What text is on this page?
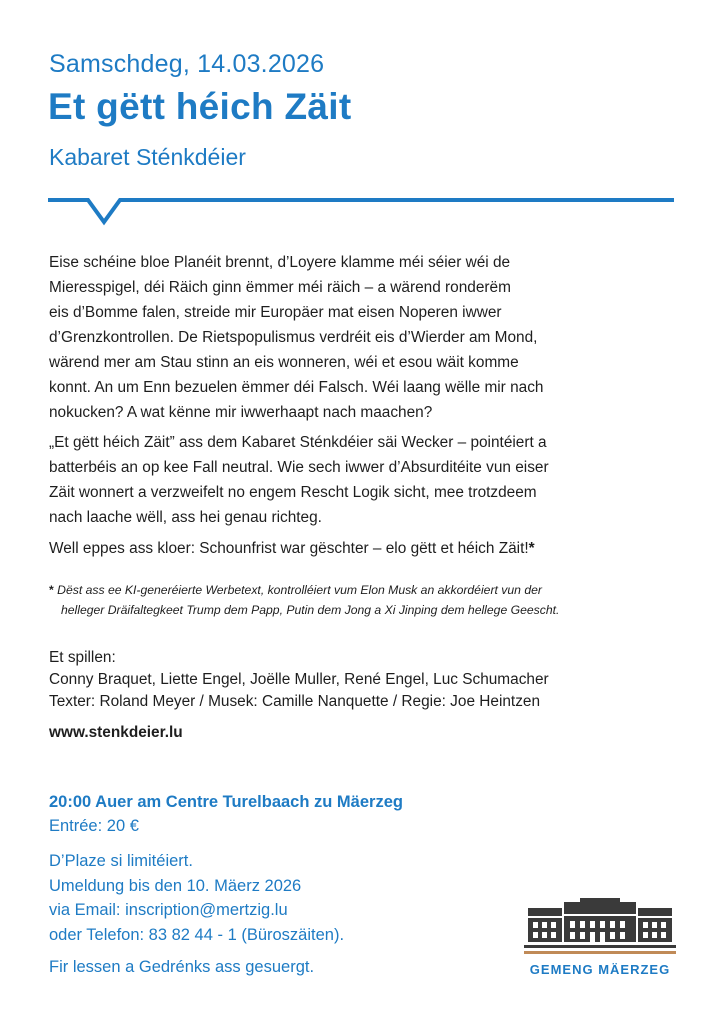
Samschdeg, 14.03.2026
Et gëtt héich Zäit
Kabaret Sténkdéier
Eise schéine bloe Planéit brennt, d’Loyere klamme méi séier wéi de
Mieresspigel, déi Räich ginn ëmmer méi räich – a wärend ronderëm
eis d’Bomme falen, streide mir Europäer mat eisen Noperen iwwer
d’Grenzkontrollen. De Rietspopulismus verdréit eis d’Wierder am Mond,
wärend mer am Stau stinn an eis wonneren, wéi et esou wäit komme
konnt. An um Enn bezuelen ëmmer déi Falsch. Wéi laang wëlle mir nach
nokucken? A wat kënne mir iwwerhaapt nach maachen?
„Et gëtt héich Zäit” ass dem Kabaret Sténkdéier säi Wecker – pointéiert a
batterbéis an op kee Fall neutral. Wie sech iwwer d’Absurditéite vun eiser
Zäit wonnert a verzweifelt no engem Rescht Logik sicht, mee trotzdeem
nach laache wëll, ass hei genau richteg.
Well eppes ass kloer: Schounfrist war gëschter – elo gëtt et héich Zäit!*
* Dëst ass ee KI-generéierte Werbetext, kontrolléiert vum Elon Musk an akkordéiert vun der
helleger Dräifaltegkeet Trump dem Papp, Putin dem Jong a Xi Jinping dem hellege Geescht.
Et spillen:
Conny Braquet, Liette Engel, Joëlle Muller, René Engel, Luc Schumacher
Texter: Roland Meyer / Musek: Camille Nanquette / Regie: Joe Heintzen
www.stenkdeier.lu
20:00 Auer am Centre Turelbaach zu Mäerzeg
Entrée: 20 €
D’Plaze si limitéiert.
Umeldung bis den 10. Mäerz 2026
via Email: inscription@mertzig.lu
oder Telefon: 83 82 44 - 1 (Büroszäiten).
Fir lessen a Gedrénks ass gesuergt.	GEMENG MÄERZEG
